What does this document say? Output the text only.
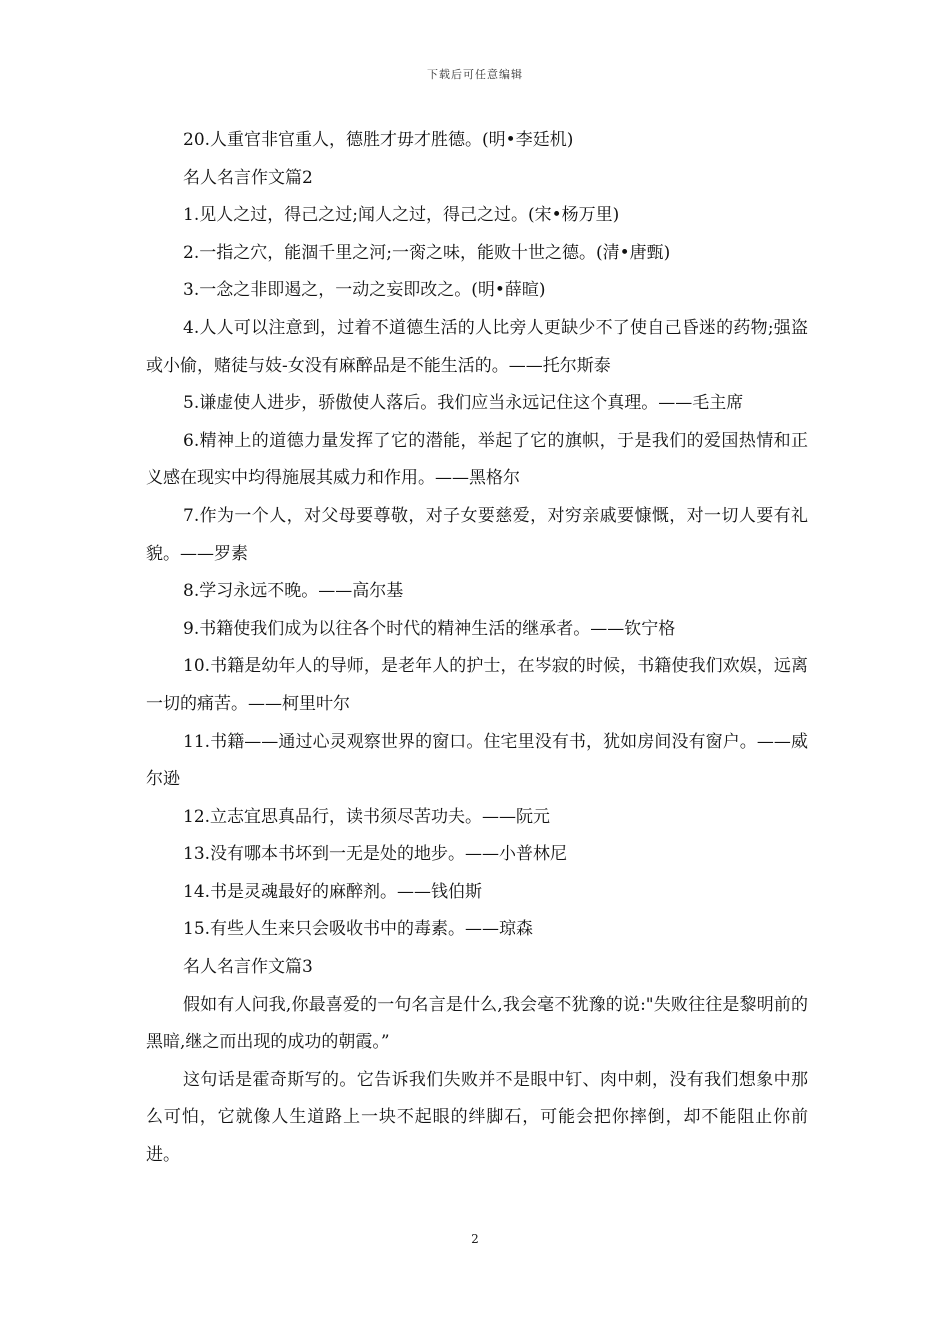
下载后可任意编辑

20.人重官非官重人，德胜才毋才胜德。(明•李廷机)

名人名言作文篇2

1.见人之过，得己之过;闻人之过，得己之过。(宋•杨万里)

2.一指之穴，能涸千里之河;一脔之味，能败十世之德。(清•唐甄)

3.一念之非即遏之，一动之妄即改之。(明•薛暄)

4.人人可以注意到，过着不道德生活的人比旁人更缺少不了使自己昏迷的药物;强盗或小偷，赌徒与妓-女没有麻醉品是不能生活的。——托尔斯泰

5.谦虚使人进步，骄傲使人落后。我们应当永远记住这个真理。——毛主席

6.精神上的道德力量发挥了它的潜能，举起了它的旗帜，于是我们的爱国热情和正义感在现实中均得施展其威力和作用。——黑格尔

7.作为一个人，对父母要尊敬，对子女要慈爱，对穷亲戚要慷慨，对一切人要有礼貌。——罗素

8.学习永远不晚。——高尔基

9.书籍使我们成为以往各个时代的精神生活的继承者。——钦宁格

10.书籍是幼年人的导师，是老年人的护士，在岑寂的时候，书籍使我们欢娱，远离一切的痛苦。——柯里叶尔

11.书籍——通过心灵观察世界的窗口。住宅里没有书，犹如房间没有窗户。——威尔逊

12.立志宜思真品行，读书须尽苦功夫。——阮元

13.没有哪本书坏到一无是处的地步。——小普林尼

14.书是灵魂最好的麻醉剂。——钱伯斯

15.有些人生来只会吸收书中的毒素。——琼森

名人名言作文篇3

假如有人问我,你最喜爱的一句名言是什么,我会毫不犹豫的说:"失败往往是黎明前的黑暗,继之而出现的成功的朝霞。”

这句话是霍奇斯写的。它告诉我们失败并不是眼中钉、肉中刺，没有我们想象中那么可怕，它就像人生道路上一块不起眼的绊脚石，可能会把你摔倒，却不能阻止你前进。

2
